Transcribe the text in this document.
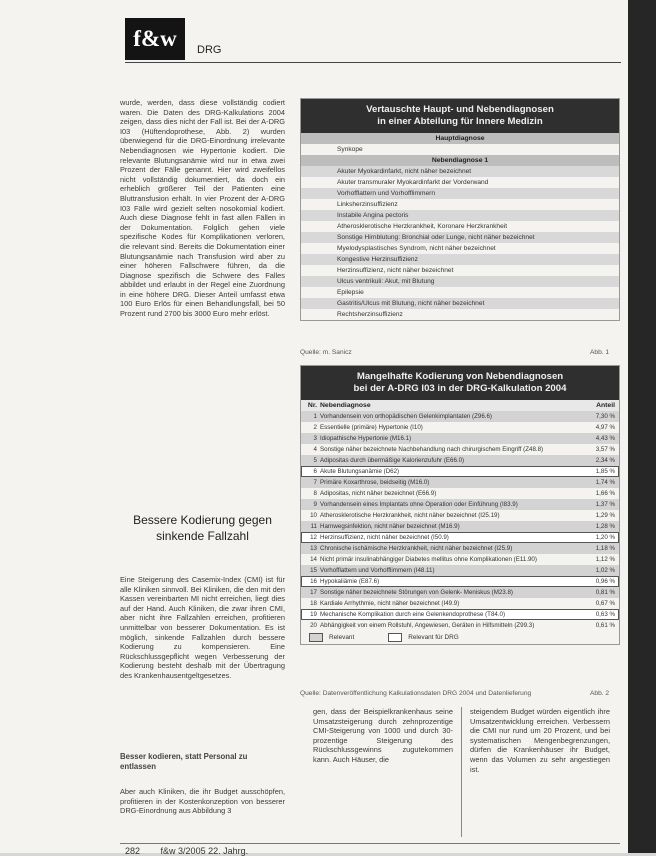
f&w	DRG
wurde, werden, dass diese vollständig codiert waren. Die Daten des DRG-Kalkulations 2004 zeigen, dass dies nicht der Fall ist. Bei der A-DRG I03 (Hüftendoprothese, Abb. 2) wurden überwiegend für die DRG-Einordnung irrelevante Nebendiagnosen wie Hypertonie kodiert. Die relevante Blutungsanämie wird nur in etwa zwei Prozent der Fälle genannt. Hier wird zweifellos nicht vollständig dokumentiert, da doch ein erheblich größerer Teil der Patienten eine Bluttransfusion erhält. In vier Prozent der A-DRG I03 Fälle wird gezielt selten nosokomial kodiert. Auch diese Diagnose fehlt in fast allen Fällen in der Dokumentation. Folglich gehen viele spezifische Kodes für Komplikationen verloren, die relevant sind. Bereits die Dokumentation einer Blutungsanämie nach Transfusion wird aber zu einer höheren Fallschwere führen, da die Diagnose spezifisch die Schwere des Falles abbildet und erlaubt in der Regel eine Zuordnung in eine höhere DRG. Dieser Anteil umfasst etwa 100 Euro Erlös für einen Behandlungsfall, bei 50 Prozent rund 2700 bis 3000 Euro mehr erlöst.
Bessere Kodierung gegen sinkende Fallzahl
Eine Steigerung des Casemix-Index (CMI) ist für alle Kliniken sinnvoll. Bei Kliniken, die den mit den Kassen vereinbarten MI nicht erreichen, liegt dies auf der Hand. Auch Kliniken, die zwar ihren CMI, aber nicht ihre Fallzahlen erreichen, profitieren unmittelbar von besserer Dokumentation. Es ist möglich, sinkende Fallzahlen durch bessere Kodierung zu kompensieren. Eine Rückschlussgepflicht wegen Verbesserung der Kodierung besteht deshalb mit der Übertragung des Krankenhausentgeltgesetzes.
Besser kodieren, statt Personal zu entlassen
Aber auch Kliniken, die ihr Budget ausschöpfen, profitieren in der Kostenkonzeption von besserer DRG-Einordnung aus Abbildung 3
Vertauschte Haupt- und Nebendiagnosen
in einer Abteilung für Innere Medizin
Hauptdiagnose
Synkope
Nebendiagnose 1
Akuter Myokardinfarkt, nicht näher bezeichnet
Akuter transmuraler Myokardinfarkt der Vorderwand
Vorhofflattern und Vorhofflimmern
Linksherzinsuffizienz
Instabile Angina pectoris
Atherosklerotische Herzkrankheit, Koronare Herzkrankheit
Sonstige Hirnblutung: Bronchial oder Lunge, nicht näher bezeichnet
Myelodysplastisches Syndrom, nicht näher bezeichnet
Kongestive Herzinsuffizienz
Herzinsuffizienz, nicht näher bezeichnet
Ulcus ventrikuli: Akut, mit Blutung
Epilepsie
Gastritis/Ulcus mit Blutung, nicht näher bezeichnet
Rechtsherzinsuffizienz
Quelle: m. Sanicz	Abb. 1
Mangelhafte Kodierung von Nebendiagnosen
bei der A-DRG I03 in der DRG-Kalkulation 2004
Nr. Nebendiagnose	Anteil
1 Vorhandensein von orthopädischen Gelenkimplantaten (Z96.6)	7,30 %
2 Essentielle (primäre) Hypertonie (I10)	4,97 %
3 Idiopathische Hypertonie (M16.1)	4,43 %
4 Sonstige näher bezeichnete Nachbehandlung nach chirurgischem Eingriff (Z48.8)	3,57 %
5 Adipositas durch übermäßige Kalorienzufuhr (E66.0)	2,34 %
6 Akute Blutungsanämie (D62)	1,85 %
7 Primäre Koxarthrose, beidseitig (M16.0)	1,74 %
8 Adipositas, nicht näher bezeichnet (E66.9)	1,66 %
9 Vorhandensein eines Implantats ohne Operation oder Einführung (I83.9)	1,37 %
10 Atherosklerotische Herzkrankheit, nicht näher bezeichnet (I25.19)	1,29 %
11 Harnwegsinfektion, nicht näher bezeichnet (M16.9)	1,28 %
12 Herzinsuffizienz, nicht näher bezeichnet (I50.9)	1,20 %
13 Chronische ischämische Herzkrankheit, nicht näher bezeichnet (I25.9)	1,18 %
14 Nicht primär insulinabhängiger Diabetes mellitus ohne Komplikationen (E11.90)	1,12 %
15 Vorhofflattern und Vorhofflimmern (I48.11)	1,02 %
16 Hypokaliämie (E87.6)	0,96 %
17 Sonstige näher bezeichnete Störungen von Gelenk- Meniskus (M23.8)	0,81 %
18 Kardiale Arrhythmie, nicht näher bezeichnet (I49.9)	0,67 %
19 Mechanische Komplikation durch eine Gelenkendoprothese (T84.0)	0,63 %
20 Abhängigkeit von einem Rollstuhl, Angewiesen, Geräten in Hilfsmitteln (Z99.3)	0,61 %
Relevant	Relevant für DRG
Quelle: Datenveröffentlichung Kalkulationsdaten DRG 2004 und Datenlieferung	Abb. 2
gen, dass der Beispielkrankenhaus seine Umsatzsteigerung durch zehnprozentige CMI-Steigerung von 1000 und durch 30-prozentige Steigerung des Rückschlussgewinns zugutekommen kann. Auch Häuser, die
steigendem Budget würden eigentlich ihre Umsatzentwicklung erreichen. Verbessern die CMI nur rund um 20 Prozent, und bei systematischen Mengenbegrenzungen, dürfen die Krankenhäuser ihr Budget, wenn das Volumen zu sehr angestiegen ist.
282 f&w 3/2005 22. Jahrg.
